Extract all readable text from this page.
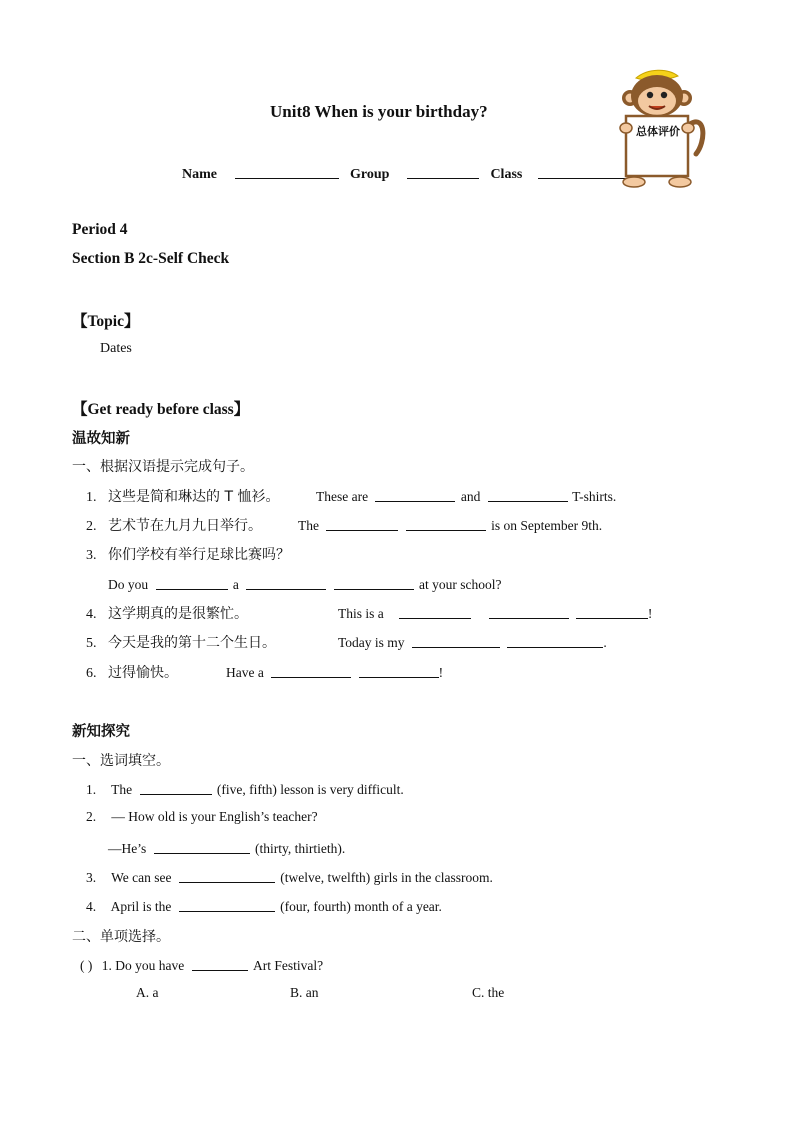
Unit8 When is your birthday?
Name	Group	Class
总体评价
Period 4
Section B 2c-Self Check
【Topic】
Dates
【Get ready before class】
温故知新
一、根据汉语提示完成句子。
1. 这些是简和琳达的 T 恤衫。	These are	and	T-shirts.
2. 艺术节在九月九日举行。	The	is on September 9th.
3. 你们学校有举行足球比赛吗？
Do you	a	at your school?
4. 这学期真的是很繁忙。	This is a	!
5. 今天是我的第十二个生日。	Today is my	.
6. 过得愉快。	Have a	!
新知探究
一、选词填空。
1. The	(five, fifth) lesson is very difficult.
2. — How old is your English’s teacher?
—He’s	(thirty, thirtieth).
3. We can see	(twelve, twelfth) girls in the classroom.
4. April is the	(four, fourth) month of a year.
二、单项选择。
( ) 1. Do you have	Art Festival?
A. a	B. an	C. the
